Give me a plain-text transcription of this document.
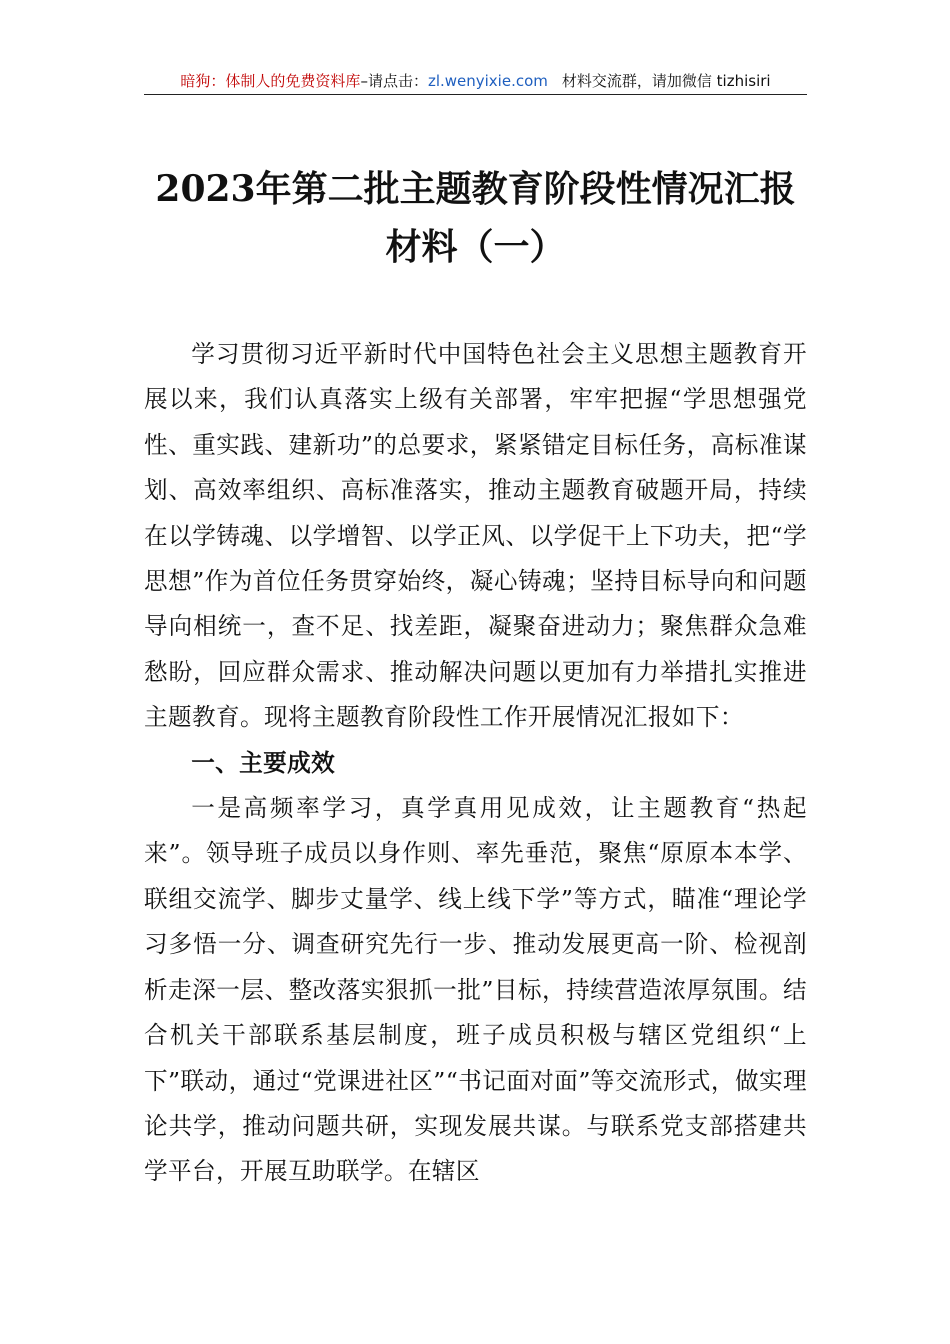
暗狗：体制人的免费资料库–请点击：zl.wenyixie.com 材料交流群，请加微信 tizhisiri
2023年第二批主题教育阶段性情况汇报材料（一）

学习贯彻习近平新时代中国特色社会主义思想主题教育开展以来，我们认真落实上级有关部署，牢牢把握“学思想强党性、重实践、建新功”的总要求，紧紧错定目标任务，高标准谋划、高效率组织、高标准落实，推动主题教育破题开局，持续在以学铸魂、以学增智、以学正风、以学促干上下功夫，把“学思想”作为首位任务贯穿始终，凝心铸魂；坚持目标导向和问题导向相统一，查不足、找差距，凝聚奋进动力；聚焦群众急难愁盼，回应群众需求、推动解决问题以更加有力举措扎实推进主题教育。现将主题教育阶段性工作开展情况汇报如下：

一、主要成效

一是高频率学习，真学真用见成效，让主题教育“热起来”。领导班子成员以身作则、率先垂范，聚焦“原原本本学、联组交流学、脚步丈量学、线上线下学”等方式，瞄准“理论学习多悟一分、调查研究先行一步、推动发展更高一阶、检视剖析走深一层、整改落实狠抓一批”目标，持续营造浓厚氛围。结合机关干部联系基层制度，班子成员积极与辖区党组织“上下”联动，通过“党课进社区”“书记面对面”等交流形式，做实理论共学，推动问题共研，实现发展共谋。与联系党支部搭建共学平台，开展互助联学。在辖区
